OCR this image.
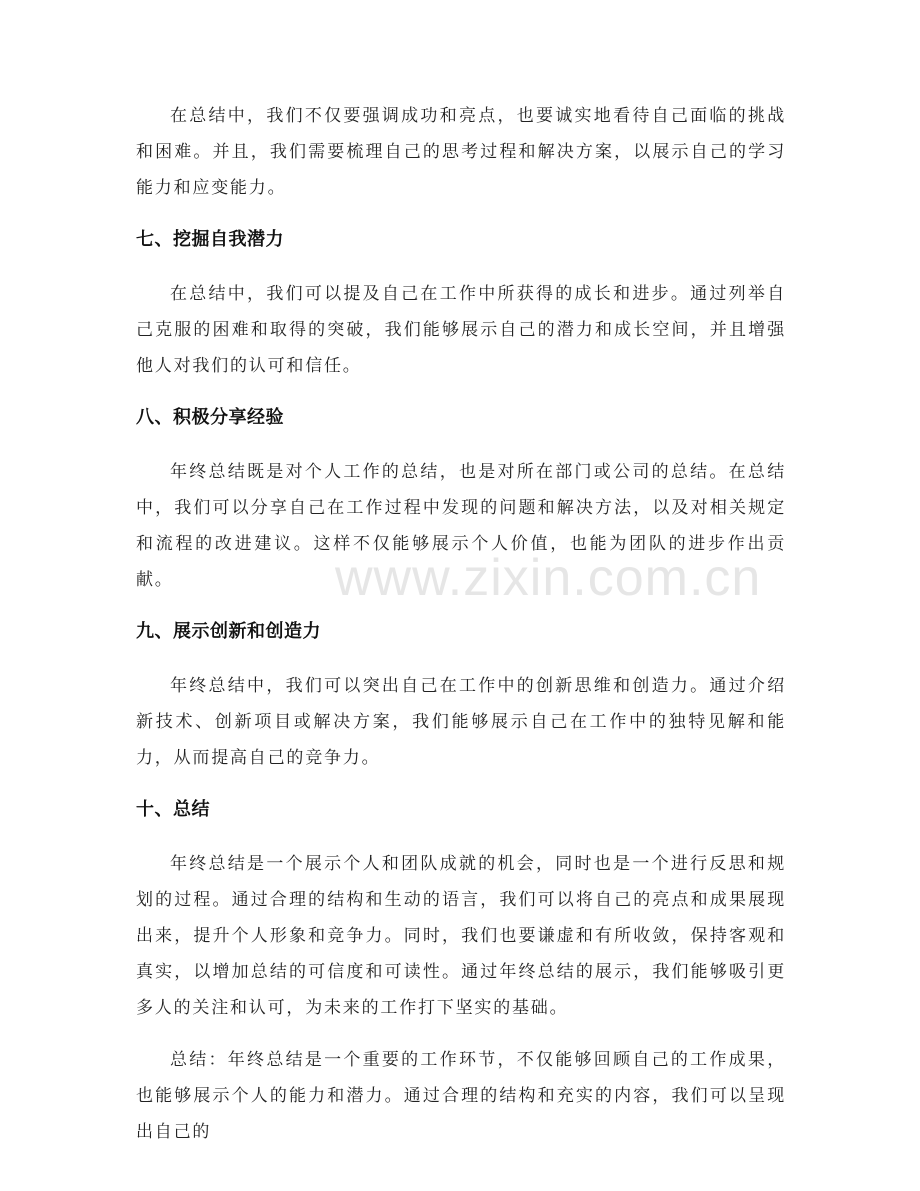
在总结中，我们不仅要强调成功和亮点，也要诚实地看待自己面临的挑战和困难。并且，我们需要梳理自己的思考过程和解决方案，以展示自己的学习能力和应变能力。

七、挖掘自我潜力

在总结中，我们可以提及自己在工作中所获得的成长和进步。通过列举自己克服的困难和取得的突破，我们能够展示自己的潜力和成长空间，并且增强他人对我们的认可和信任。

八、积极分享经验

年终总结既是对个人工作的总结，也是对所在部门或公司的总结。在总结中，我们可以分享自己在工作过程中发现的问题和解决方法，以及对相关规定和流程的改进建议。这样不仅能够展示个人价值，也能为团队的进步作出贡献。

九、展示创新和创造力

年终总结中，我们可以突出自己在工作中的创新思维和创造力。通过介绍新技术、创新项目或解决方案，我们能够展示自己在工作中的独特见解和能力，从而提高自己的竞争力。

十、总结

年终总结是一个展示个人和团队成就的机会，同时也是一个进行反思和规划的过程。通过合理的结构和生动的语言，我们可以将自己的亮点和成果展现出来，提升个人形象和竞争力。同时，我们也要谦虚和有所收敛，保持客观和真实，以增加总结的可信度和可读性。通过年终总结的展示，我们能够吸引更多人的关注和认可，为未来的工作打下坚实的基础。

总结：年终总结是一个重要的工作环节，不仅能够回顾自己的工作成果，也能够展示个人的能力和潜力。通过合理的结构和充实的内容，我们可以呈现出自己的

www.zixin.com.cn
